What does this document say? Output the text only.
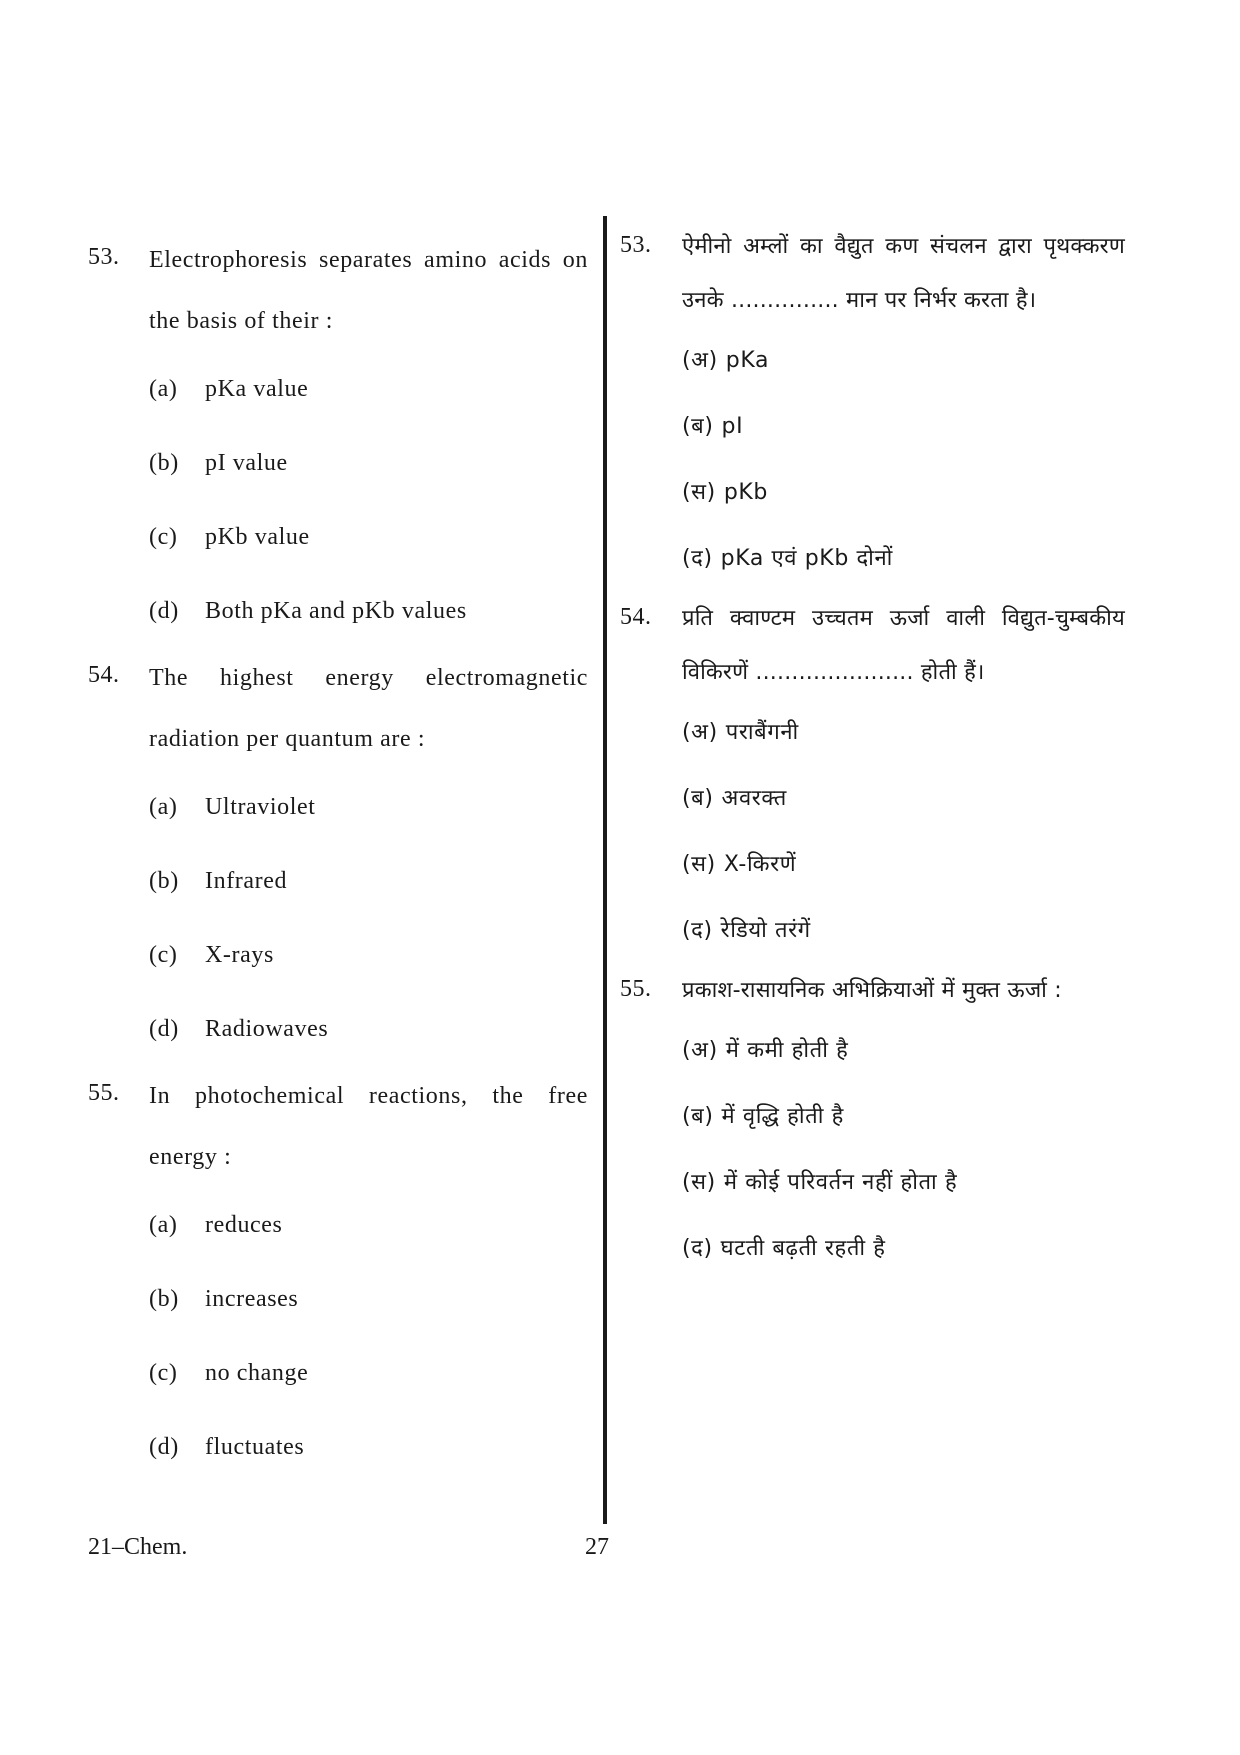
53. Electrophoresis separates amino acids on the basis of their :
(a) pKa value
(b) pI value
(c) pKb value
(d) Both pKa and pKb values
54. The highest energy electromagnetic radiation per quantum are :
(a) Ultraviolet
(b) Infrared
(c) X-rays
(d) Radiowaves
55. In photochemical reactions, the free energy :
(a) reduces
(b) increases
(c) no change
(d) fluctuates
53. ऐमीनो अम्लों का वैद्युत कण संचलन द्वारा पृथक्करण उनके ............... मान पर निर्भर करता है।
(अ) pKa
(ब) pI
(स) pKb
(द) pKa एवं pKb दोनों
54. प्रति क्वाण्टम उच्चतम ऊर्जा वाली विद्युत-चुम्बकीय विकिरणें ...................... होती हैं।
(अ) पराबैंगनी
(ब) अवरक्त
(स) X-किरणें
(द) रेडियो तरंगें
55. प्रकाश-रासायनिक अभिक्रियाओं में मुक्त ऊर्जा :
(अ) में कमी होती है
(ब) में वृद्धि होती है
(स) में कोई परिवर्तन नहीं होता है
(द) घटती बढ़ती रहती है
21–Chem.	27
